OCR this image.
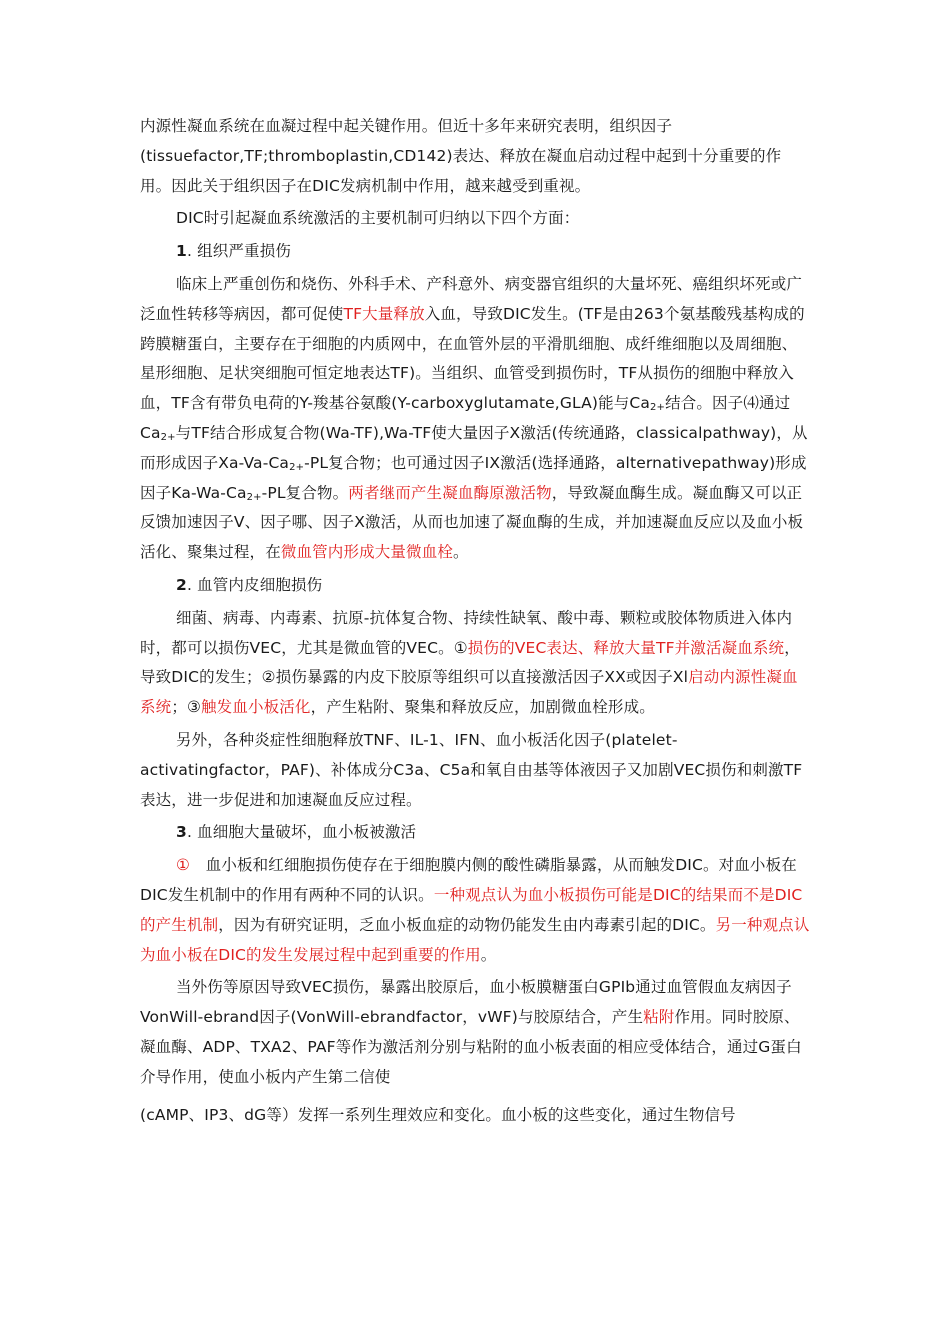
内源性凝血系统在血凝过程中起关键作用。但近十多年来研究表明，组织因子(tissuefactor,TF;thromboplastin,CD142)表达、释放在凝血启动过程中起到十分重要的作用。因此关于组织因子在DIC发病机制中作用，越来越受到重视。

DIC时引起凝血系统激活的主要机制可归纳以下四个方面：

1. 组织严重损伤

临床上严重创伤和烧伤、外科手术、产科意外、病变器官组织的大量坏死、癌组织坏死或广泛血性转移等病因，都可促使TF大量释放入血，导致DIC发生。(TF是由263个氨基酸残基构成的跨膜糖蛋白，主要存在于细胞的内质网中，在血管外层的平滑肌细胞、成纤维细胞以及周细胞、星形细胞、足状突细胞可恒定地表达TF)。当组织、血管受到损伤时，TF从损伤的细胞中释放入血，TF含有带负电荷的Y-羧基谷氨酸(Y-carboxyglutamate,GLA)能与$Ca_{2+}$结合。因子⑷通过$Ca_{2+}$与TF结合形成复合物(Wa-TF),Wa-TF使大量因子X激活(传统通路，classicalpathway)，从而形成因子$Xa-Va-Ca_{2+}-PL$复合物；也可通过因子IX激活(选择通路，alternativepathway)形成因子$Ka-Wa-Ca_{2+}-PL$复合物。两者继而产生凝血酶原激活物，导致凝血酶生成。凝血酶又可以正反馈加速因子V、因子哪、因子X激活，从而也加速了凝血酶的生成，并加速凝血反应以及血小板活化、聚集过程，在微血管内形成大量微血栓。

2. 血管内皮细胞损伤

细菌、病毒、内毒素、抗原-抗体复合物、持续性缺氧、酸中毒、颗粒或胶体物质进入体内时，都可以损伤VEC，尤其是微血管的VEC。①损伤的VEC表达、释放大量TF并激活凝血系统，导致DIC的发生；②损伤暴露的内皮下胶原等组织可以直接激活因子XX或因子Xl启动内源性凝血系统；③触发血小板活化，产生粘附、聚集和释放反应，加剧微血栓形成。

另外，各种炎症性细胞释放TNF、IL-1、IFN、血小板活化因子(platelet-activatingfactor，PAF)、补体成分C3a、C5a和氧自由基等体液因子又加剧VEC损伤和刺激TF表达，进一步促进和加速凝血反应过程。

3. 血细胞大量破坏，血小板被激活

①　血小板和红细胞损伤使存在于细胞膜内侧的酸性磷脂暴露，从而触发DIC。对血小板在DIC发生机制中的作用有两种不同的认识。一种观点认为血小板损伤可能是DIC的结果而不是DIC的产生机制，因为有研究证明，乏血小板血症的动物仍能发生由内毒素引起的DIC。另一种观点认为血小板在DIC的发生发展过程中起到重要的作用。

当外伤等原因导致VEC损伤，暴露出胶原后，血小板膜糖蛋白GPIb通过血管假血友病因子VonWill-ebrand因子(VonWill-ebrandfactor，vWF)与胶原结合，产生粘附作用。同时胶原、凝血酶、ADP、TXA2、PAF等作为激活剂分别与粘附的血小板表面的相应受体结合，通过G蛋白介导作用，使血小板内产生第二信使

(cAMP、IP3、dG等）发挥一系列生理效应和变化。血小板的这些变化，通过生物信号
